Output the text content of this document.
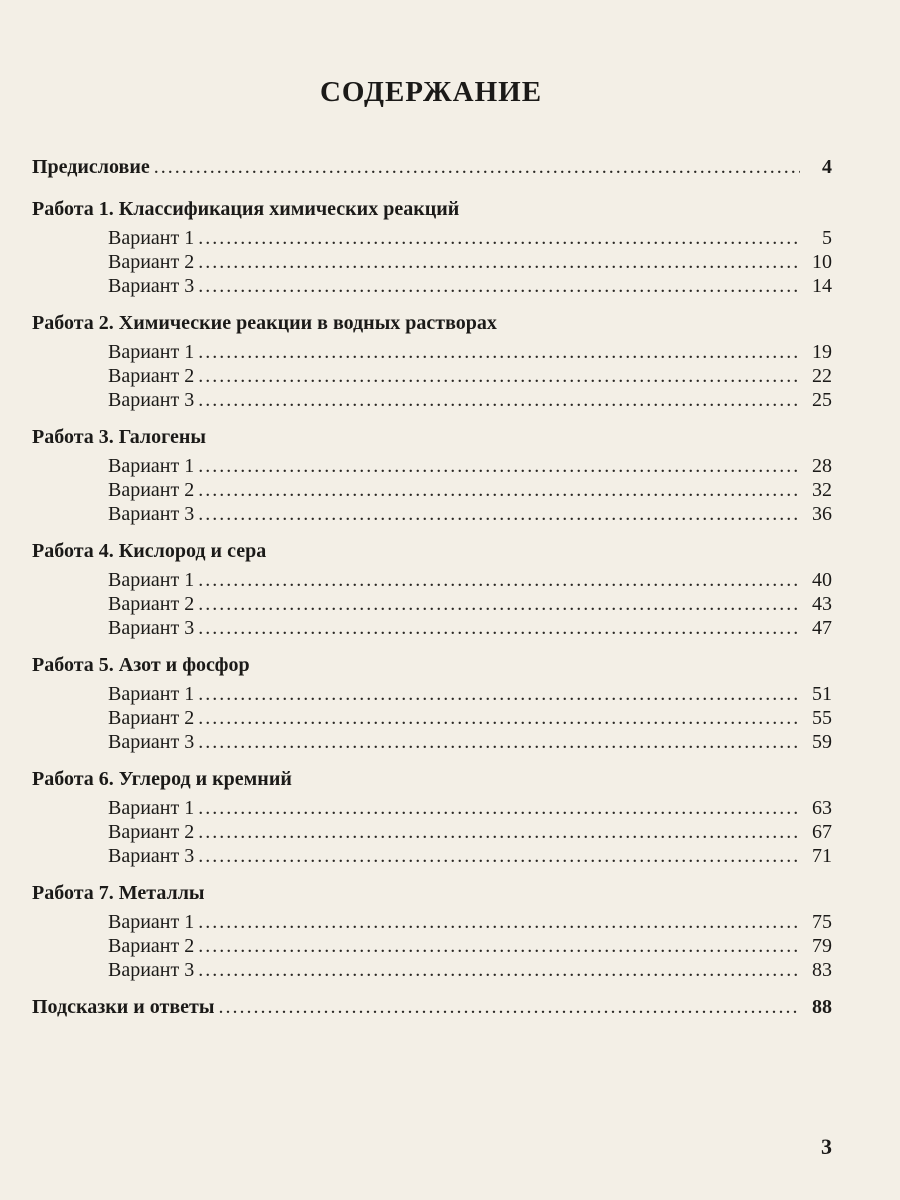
СОДЕРЖАНИЕ
Предисловие .....	4
Работа 1. Классификация химических реакций
Вариант 1 .....	5
Вариант 2 .....	10
Вариант 3 .....	14
Работа 2. Химические реакции в водных растворах
Вариант 1 .....	19
Вариант 2 .....	22
Вариант 3 .....	25
Работа 3. Галогены
Вариант 1 .....	28
Вариант 2 .....	32
Вариант 3 .....	36
Работа 4. Кислород и сера
Вариант 1 .....	40
Вариант 2 .....	43
Вариант 3 .....	47
Работа 5. Азот и фосфор
Вариант 1 .....	51
Вариант 2 .....	55
Вариант 3 .....	59
Работа 6. Углерод и кремний
Вариант 1 .....	63
Вариант 2 .....	67
Вариант 3 .....	71
Работа 7. Металлы
Вариант 1 .....	75
Вариант 2 .....	79
Вариант 3 .....	83
Подсказки и ответы .....	88
3
